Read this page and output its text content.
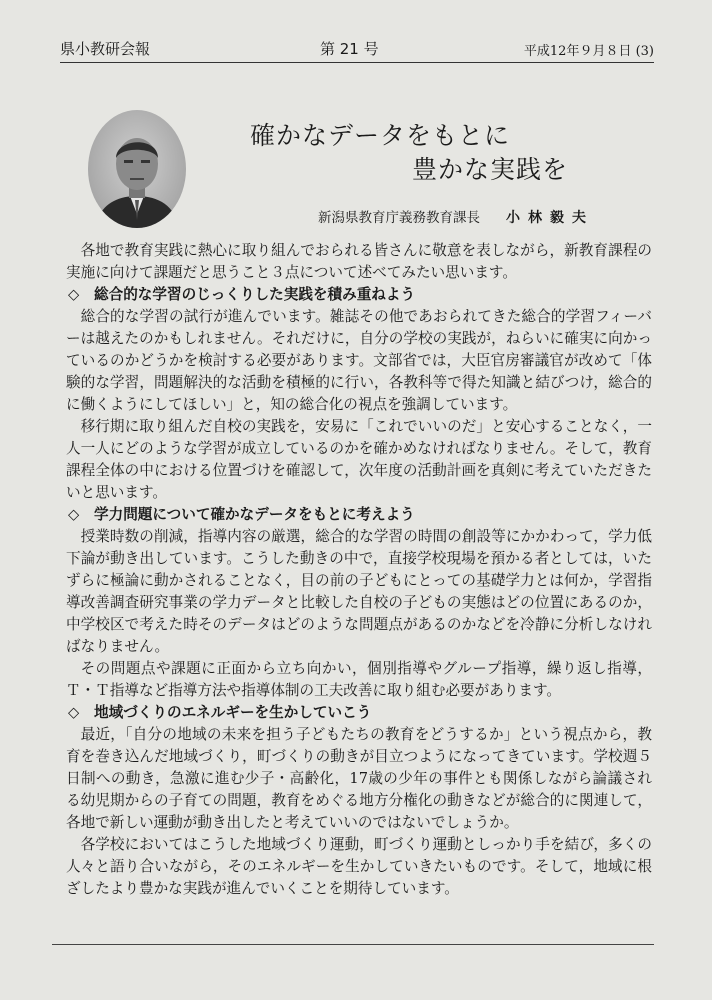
県小教研会報	第 21 号	平成12年９月８日 (3)
確かなデータをもとに
豊かな実践を
新潟県教育庁義務教育課長 小林毅夫

各地で教育実践に熱心に取り組んでおられる皆さんに敬意を表しながら，新教育課程の実施に向けて課題だと思うこと３点について述べてみたい思います。

◇ 総合的な学習のじっくりした実践を積み重ねよう

総合的な学習の試行が進んでいます。雑誌その他であおられてきた総合的学習フィーバーは越えたのかもしれません。それだけに，自分の学校の実践が，ねらいに確実に向かっているのかどうかを検討する必要があります。文部省では，大臣官房審議官が改めて「体験的な学習，問題解決的な活動を積極的に行い，各教科等で得た知識と結びつけ，総合的に働くようにしてほしい」と，知の総合化の視点を強調しています。

移行期に取り組んだ自校の実践を，安易に「これでいいのだ」と安心することなく，一人一人にどのような学習が成立しているのかを確かめなければなりません。そして，教育課程全体の中における位置づけを確認して，次年度の活動計画を真剣に考えていただきたいと思います。

◇ 学力問題について確かなデータをもとに考えよう

授業時数の削減，指導内容の厳選，総合的な学習の時間の創設等にかかわって，学力低下論が動き出しています。こうした動きの中で，直接学校現場を預かる者としては，いたずらに極論に動かされることなく，目の前の子どもにとっての基礎学力とは何か，学習指導改善調査研究事業の学力データと比較した自校の子どもの実態はどの位置にあるのか，中学校区で考えた時そのデータはどのような問題点があるのかなどを冷静に分析しなければなりません。

その問題点や課題に正面から立ち向かい，個別指導やグループ指導，繰り返し指導，Ｔ・Ｔ指導など指導方法や指導体制の工夫改善に取り組む必要があります。

◇ 地域づくりのエネルギーを生かしていこう

最近，「自分の地域の未来を担う子どもたちの教育をどうするか」という視点から，教育を巻き込んだ地域づくり，町づくりの動きが目立つようになってきています。学校週５日制への動き，急激に進む少子・高齢化，17歳の少年の事件とも関係しながら論議される幼児期からの子育ての問題，教育をめぐる地方分権化の動きなどが総合的に関連して，各地で新しい運動が動き出したと考えていいのではないでしょうか。

各学校においてはこうした地域づくり運動，町づくり運動としっかり手を結び，多くの人々と語り合いながら，そのエネルギーを生かしていきたいものです。そして，地域に根ざしたより豊かな実践が進んでいくことを期待しています。
